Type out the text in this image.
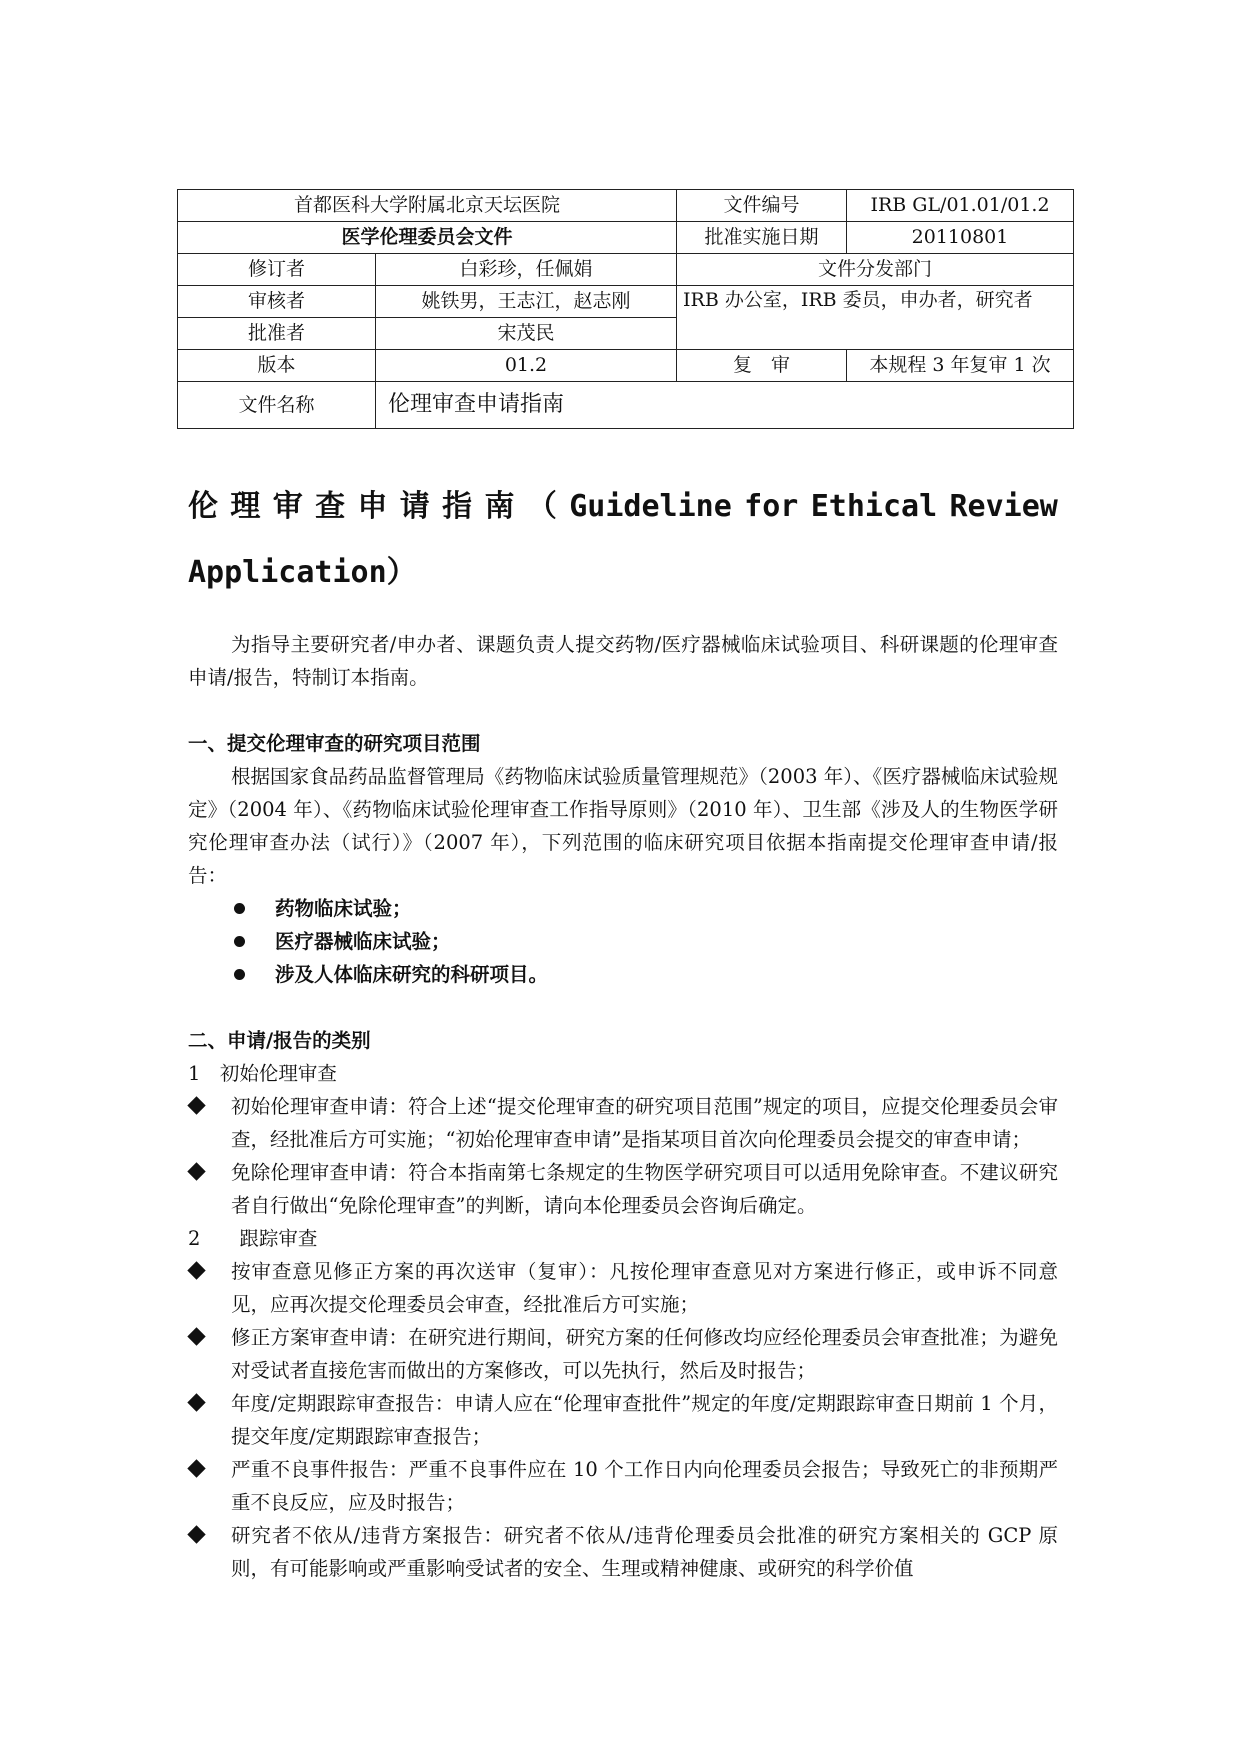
首都医科大学附属北京天坛医院		文件编号	IRB GL/01.01/01.2
医学伦理委员会文件		批准实施日期	20110801
修订者	白彩珍，任佩娟	文件分发部门	
审核者	姚铁男，王志江，赵志刚	IRB 办公室，IRB 委员，申办者，研究者	
批准者	宋茂民		
版本	01.2	复　审	本规程 3 年复审 1 次
文件名称	伦理审查申请指南		
伦 理 审 查 申 请 指 南 （ Guideline for Ethical Review
Application）

为指导主要研究者/申办者、课题负责人提交药物/医疗器械临床试验项目、科研课题的伦理审查申请/报告，特制订本指南。

一、提交伦理审查的研究项目范围

根据国家食品药品监督管理局《药物临床试验质量管理规范》（2003 年）、《医疗器械临床试验规定》（2004 年）、《药物临床试验伦理审查工作指导原则》（2010 年）、卫生部《涉及人的生物医学研究伦理审查办法（试行）》（2007 年），下列范围的临床研究项目依据本指南提交伦理审查申请/报告：

药物临床试验；
医疗器械临床试验；
涉及人体临床研究的科研项目。

二、申请/报告的类别

1　初始伦理审查

初始伦理审查申请：符合上述“提交伦理审查的研究项目范围”规定的项目，应提交伦理委员会审查，经批准后方可实施；“初始伦理审查申请”是指某项目首次向伦理委员会提交的审查申请；

免除伦理审查申请：符合本指南第七条规定的生物医学研究项目可以适用免除审查。不建议研究者自行做出“免除伦理审查”的判断，请向本伦理委员会咨询后确定。

2　　跟踪审查

按审查意见修正方案的再次送审（复审）：凡按伦理审查意见对方案进行修正，或申诉不同意见，应再次提交伦理委员会审查，经批准后方可实施；

修正方案审查申请：在研究进行期间，研究方案的任何修改均应经伦理委员会审查批准；为避免对受试者直接危害而做出的方案修改，可以先执行，然后及时报告；

年度/定期跟踪审查报告：申请人应在“伦理审查批件”规定的年度/定期跟踪审查日期前 1 个月，提交年度/定期跟踪审查报告；

严重不良事件报告：严重不良事件应在 10 个工作日内向伦理委员会报告；导致死亡的非预期严重不良反应，应及时报告；

研究者不依从/违背方案报告：研究者不依从/违背伦理委员会批准的研究方案相关的 GCP 原则，有可能影响或严重影响受试者的安全、生理或精神健康、或研究的科学价值
